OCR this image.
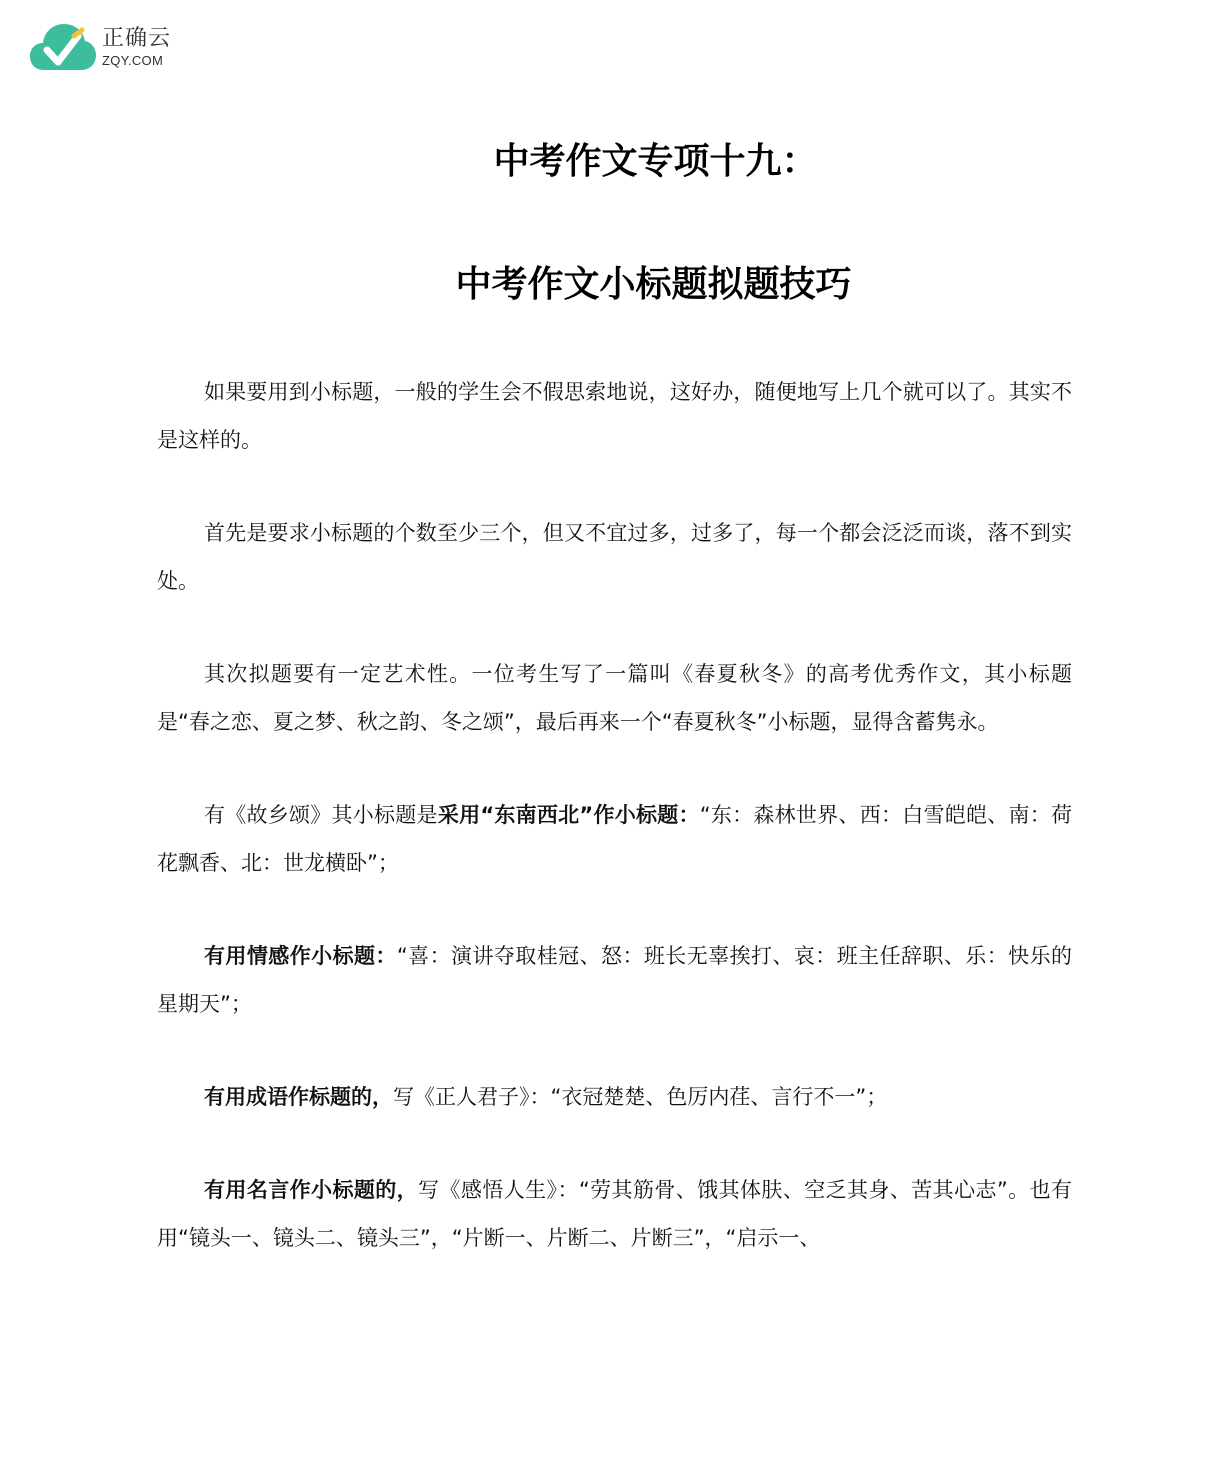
正确云
ZQY.COM
中考作文专项十九：
中考作文小标题拟题技巧

如果要用到小标题，一般的学生会不假思索地说，这好办，随便地写上几个就可以了。其实不是这样的。

首先是要求小标题的个数至少三个，但又不宜过多，过多了，每一个都会泛泛而谈，落不到实处。

其次拟题要有一定艺术性。一位考生写了一篇叫《春夏秋冬》的高考优秀作文，其小标题是“春之恋、夏之梦、秋之韵、冬之颂”，最后再来一个“春夏秋冬”小标题，显得含蓄隽永。

有《故乡颂》其小标题是采用“东南西北”作小标题：“东：森林世界、西：白雪皑皑、南：荷花飘香、北：世龙横卧”；

有用情感作小标题：“喜：演讲夺取桂冠、怒：班长无辜挨打、哀：班主任辞职、乐：快乐的星期天”；

有用成语作标题的，写《正人君子》：“衣冠楚楚、色厉内荏、言行不一”；

有用名言作小标题的，写《感悟人生》：“劳其筋骨、饿其体肤、空乏其身、苦其心志”。也有用“镜头一、镜头二、镜头三”，“片断一、片断二、片断三”，“启示一、
